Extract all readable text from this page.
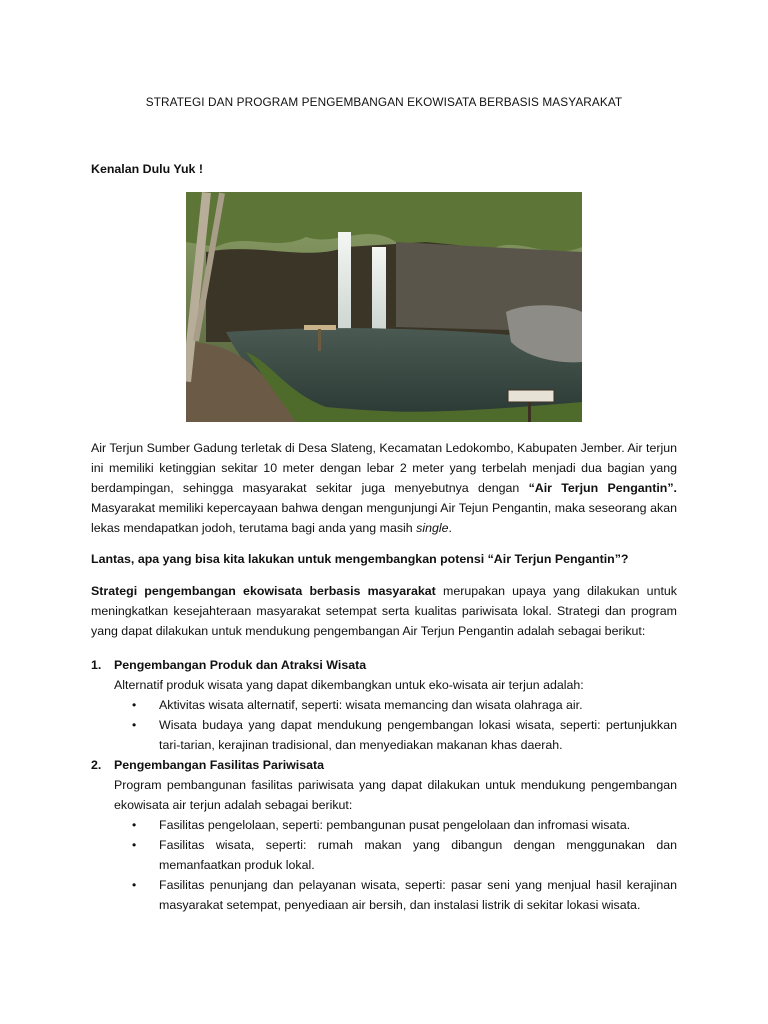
STRATEGI DAN PROGRAM PENGEMBANGAN EKOWISATA BERBASIS MASYARAKAT
Kenalan Dulu Yuk !

Air Terjun Sumber Gadung terletak di Desa Slateng, Kecamatan Ledokombo, Kabupaten Jember. Air terjun ini memiliki ketinggian sekitar 10 meter dengan lebar 2 meter yang terbelah menjadi dua bagian yang berdampingan, sehingga masyarakat sekitar juga menyebutnya dengan “Air Terjun Pengantin”. Masyarakat memiliki kepercayaan bahwa dengan mengunjungi Air Tejun Pengantin, maka seseorang akan lekas mendapatkan jodoh, terutama bagi anda yang masih single.

Lantas, apa yang bisa kita lakukan untuk mengembangkan potensi “Air Terjun Pengantin”?

Strategi pengembangan ekowisata berbasis masyarakat merupakan upaya yang dilakukan untuk meningkatkan kesejahteraan masyarakat setempat serta kualitas pariwisata lokal. Strategi dan program yang dapat dilakukan untuk mendukung pengembangan Air Terjun Pengantin adalah sebagai berikut:

1. Pengembangan Produk dan Atraksi Wisata
Alternatif produk wisata yang dapat dikembangkan untuk eko-wisata air terjun adalah:
• Aktivitas wisata alternatif, seperti: wisata memancing dan wisata olahraga air.
• Wisata budaya yang dapat mendukung pengembangan lokasi wisata, seperti: pertunjukkan tari-tarian, kerajinan tradisional, dan menyediakan makanan khas daerah.
2. Pengembangan Fasilitas Pariwisata
Program pembangunan fasilitas pariwisata yang dapat dilakukan untuk mendukung pengembangan ekowisata air terjun adalah sebagai berikut:
• Fasilitas pengelolaan, seperti: pembangunan pusat pengelolaan dan infromasi wisata.
• Fasilitas wisata, seperti: rumah makan yang dibangun dengan menggunakan dan memanfaatkan produk lokal.
• Fasilitas penunjang dan pelayanan wisata, seperti: pasar seni yang menjual hasil kerajinan masyarakat setempat, penyediaan air bersih, dan instalasi listrik di sekitar lokasi wisata.
